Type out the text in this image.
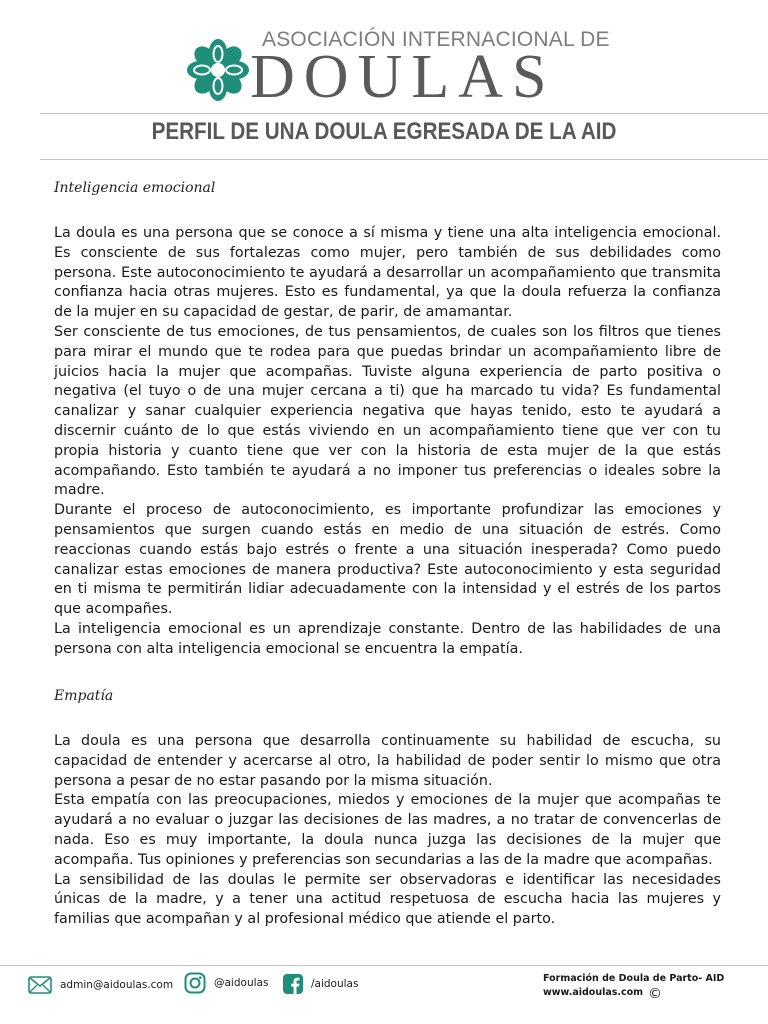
ASOCIACIÓN INTERNACIONAL DE
DOULAS
PERFIL DE UNA DOULA EGRESADA DE LA AID
Inteligencia emocional

La doula es una persona que se conoce a sí misma y tiene una alta inteligencia emocional. Es consciente de sus fortalezas como mujer, pero también de sus debilidades como persona. Este autoconocimiento te ayudará a desarrollar un acompañamiento que transmita confianza hacia otras mujeres. Esto es fundamental, ya que la doula refuerza la confianza de la mujer en su capacidad de gestar, de parir, de amamantar.

Ser consciente de tus emociones, de tus pensamientos, de cuales son los filtros que tienes para mirar el mundo que te rodea para que puedas brindar un acompañamiento libre de juicios hacia la mujer que acompañas. Tuviste alguna experiencia de parto positiva o negativa (el tuyo o de una mujer cercana a ti) que ha marcado tu vida? Es fundamental canalizar y sanar cualquier experiencia negativa que hayas tenido, esto te ayudará a discernir cuánto de lo que estás viviendo en un acompañamiento tiene que ver con tu propia historia y cuanto tiene que ver con la historia de esta mujer de la que estás acompañando. Esto también te ayudará a no imponer tus preferencias o ideales sobre la madre.

Durante el proceso de autoconocimiento, es importante profundizar las emociones y pensamientos que surgen cuando estás en medio de una situación de estrés. Como reaccionas cuando estás bajo estrés o frente a una situación inesperada? Como puedo canalizar estas emociones de manera productiva? Este autoconocimiento y esta seguridad en ti misma te permitirán lidiar adecuadamente con la intensidad y el estrés de los partos que acompañes.

La inteligencia emocional es un aprendizaje constante. Dentro de las habilidades de una persona con alta inteligencia emocional se encuentra la empatía.

Empatía

La doula es una persona que desarrolla continuamente su habilidad de escucha, su capacidad de entender y acercarse al otro, la habilidad de poder sentir lo mismo que otra persona a pesar de no estar pasando por la misma situación.

Esta empatía con las preocupaciones, miedos y emociones de la mujer que acompañas te ayudará a no evaluar o juzgar las decisiones de las madres, a no tratar de convencerlas de nada. Eso es muy importante, la doula nunca juzga las decisiones de la mujer que acompaña. Tus opiniones y preferencias son secundarias a las de la madre que acompañas.

La sensibilidad de las doulas le permite ser observadoras e identificar las necesidades únicas de la madre, y a tener una actitud respetuosa de escucha hacia las mujeres y familias que acompañan y al profesional médico que atiende el parto.

admin@aidoulas.com	@aidoulas	/aidoulas	Formación de Doula de Parto- AID
www.aidoulas.com ©
